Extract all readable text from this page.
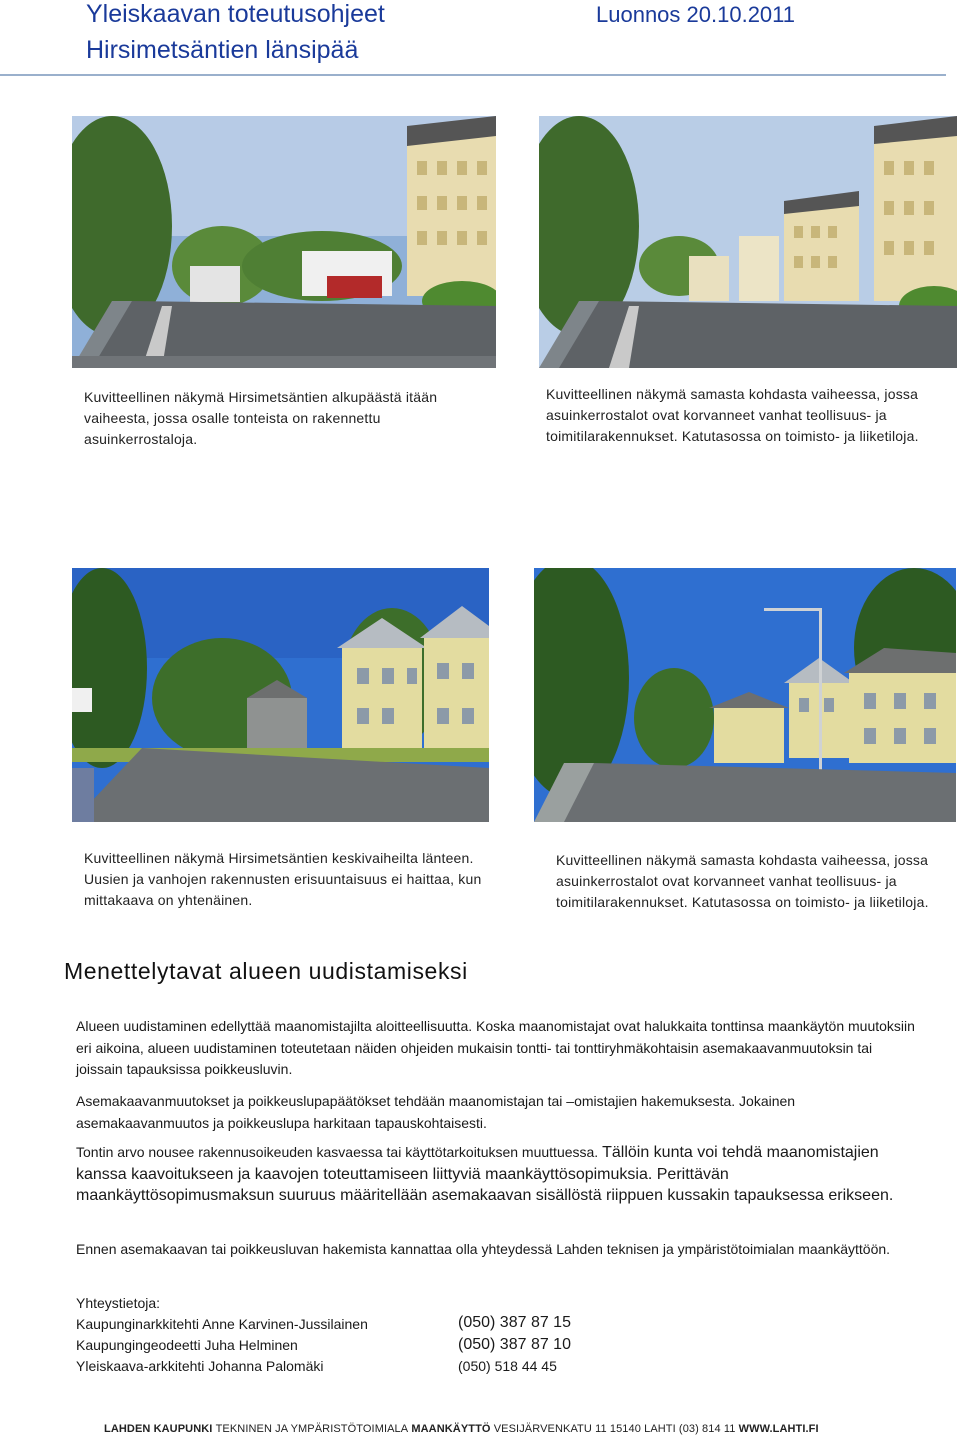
Yleiskaavan toteutusohjeet
Hirsimetsäntien länsipää
Luonnos 20.10.2011
Kuvitteellinen näkymä Hirsimetsäntien alkupäästä itään vaiheesta, jossa osalle tonteista on rakennettu asuinkerrostaloja.
Kuvitteellinen näkymä samasta kohdasta vaiheessa, jossa asuinkerrostalot ovat korvanneet vanhat teollisuus- ja toimitilarakennukset. Katutasossa on toimisto- ja liiketiloja.
Kuvitteellinen näkymä Hirsimetsäntien keskivaiheilta länteen. Uusien ja vanhojen rakennusten erisuuntaisuus ei haittaa, kun mittakaava on yhtenäinen.
Kuvitteellinen näkymä samasta kohdasta vaiheessa, jossa asuinkerrostalot ovat korvanneet vanhat teollisuus- ja toimitilarakennukset. Katutasossa on toimisto- ja liiketiloja.
Menettelytavat alueen uudistamiseksi
Alueen uudistaminen edellyttää maanomistajilta aloitteellisuutta. Koska maanomistajat ovat halukkaita tonttinsa maankäytön muutoksiin eri aikoina, alueen uudistaminen toteutetaan näiden ohjeiden mukaisin tontti- tai tonttiryhmäkohtaisin asemakaavanmuutoksin tai joissain tapauksissa poikkeusluvin.
Asemakaavanmuutokset ja poikkeuslupapäätökset tehdään maanomistajan tai –omistajien hakemuksesta. Jokainen asemakaavanmuutos ja poikkeuslupa harkitaan tapauskohtaisesti.
Tontin arvo nousee rakennusoikeuden kasvaessa tai käyttötarkoituksen muuttuessa. Tällöin kunta voi tehdä maanomistajien kanssa kaavoitukseen ja kaavojen toteuttamiseen liittyviä maankäyttösopimuksia. Perittävän maankäyttösopimusmaksun suuruus määritellään asemakaavan sisällöstä riippuen kussakin tapauksessa erikseen.
Ennen asemakaavan tai poikkeusluvan hakemista kannattaa olla yhteydessä Lahden teknisen ja ympäristötoimialan maankäyttöön.
Yhteystietoja:
Kaupunginarkkitehti Anne Karvinen-Jussilainen	(050) 387 87 15
Kaupungingeodeetti Juha Helminen	(050) 387 87 10
Yleiskaava-arkkitehti Johanna Palomäki	(050) 518 44 45
LAHDEN KAUPUNKI TEKNINEN JA YMPÄRISTÖTOIMIALA MAANKÄYTTÖ VESIJÄRVENKATU 11 15140 LAHTI (03) 814 11 WWW.LAHTI.FI
